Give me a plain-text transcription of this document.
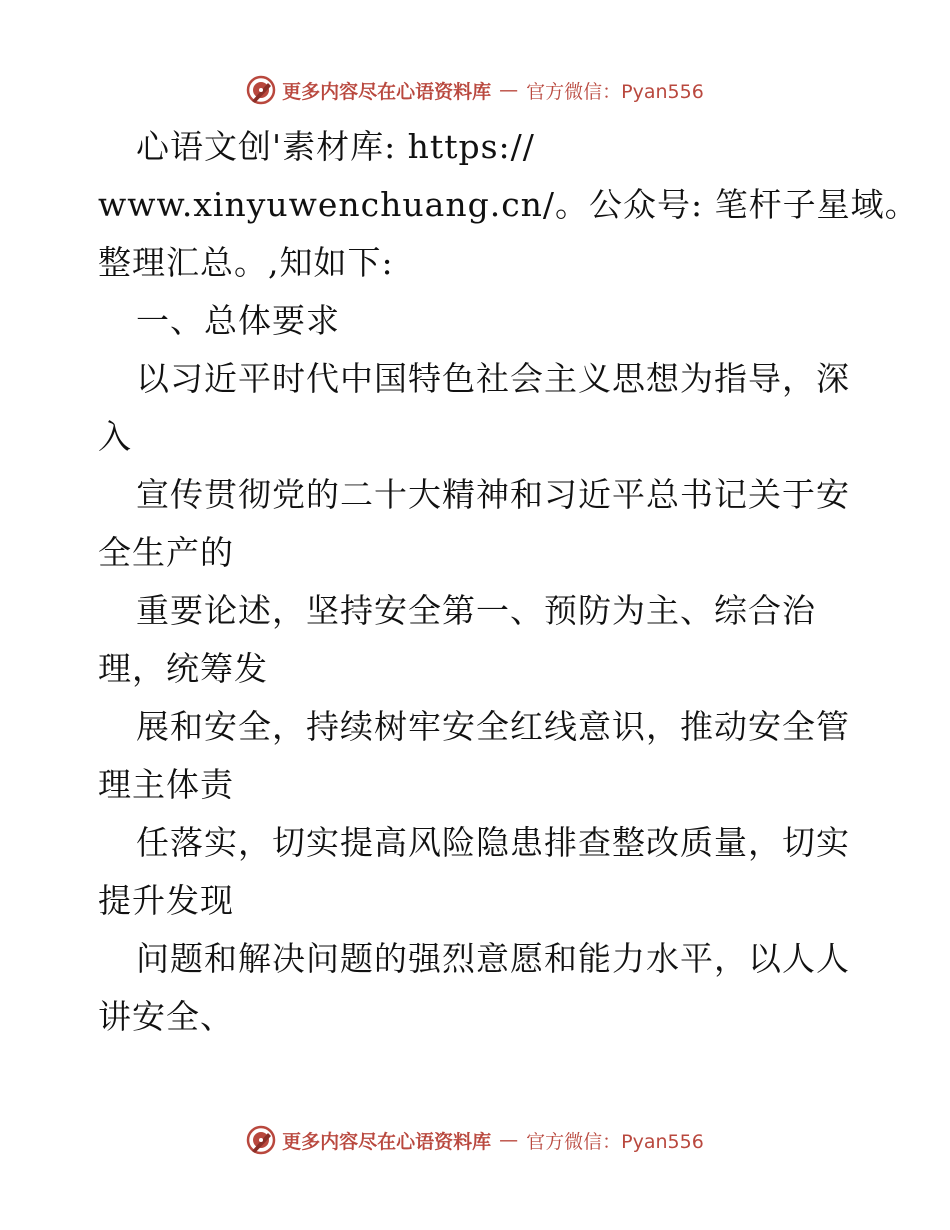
更多内容尽在心语资料库 — 官方微信：Pyan556
心语文创'素材库: https://
www.xinyuwenchuang.cn/。公众号: 笔杆子星域。
整理汇总。,知如下:
一、总体要求
以习近平时代中国特色社会主义思想为指导，深
入
宣传贯彻党的二十大精神和习近平总书记关于安
全生产的
重要论述，坚持安全第一、预防为主、综合治
理，统筹发
展和安全，持续树牢安全红线意识，推动安全管
理主体责
任落实，切实提高风险隐患排查整改质量，切实
提升发现
问题和解决问题的强烈意愿和能力水平，以人人
讲安全、
更多内容尽在心语资料库 — 官方微信：Pyan556
